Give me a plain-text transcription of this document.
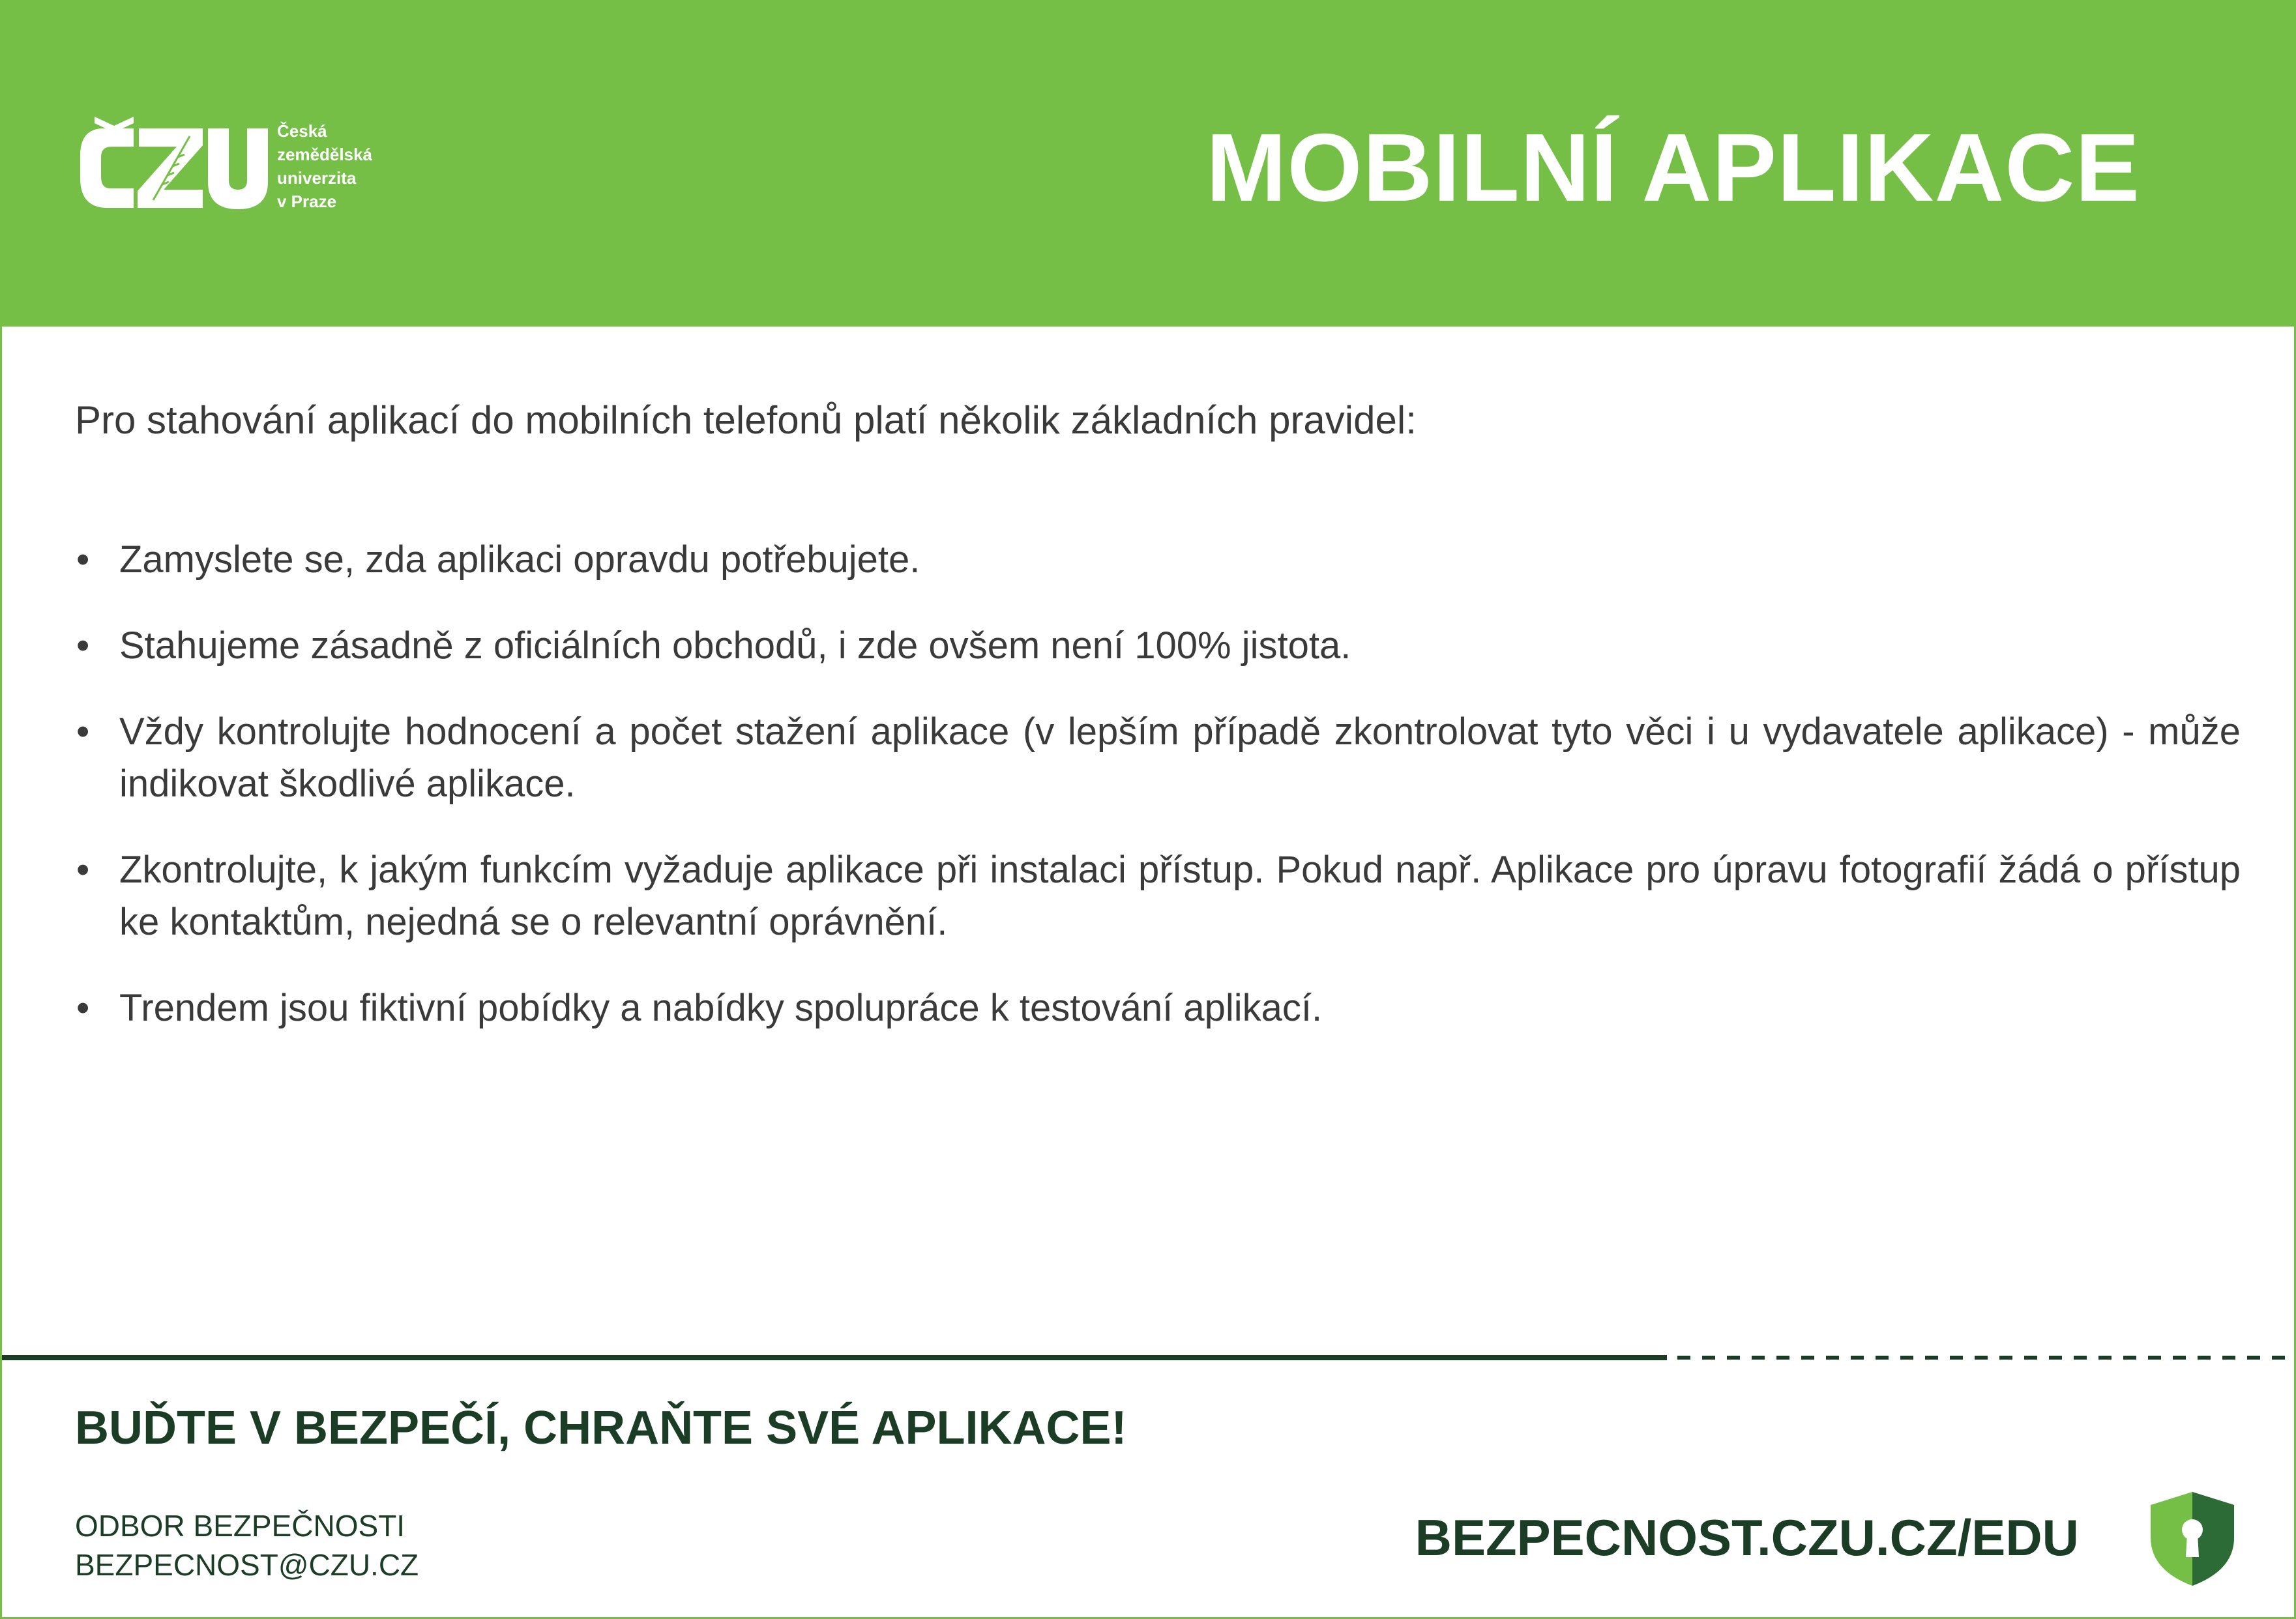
Česká
zemědělská
univerzita
v Praze	MOBILNÍ APLIKACE

Pro stahování aplikací do mobilních telefonů platí několik základních pravidel:

• Zamyslete se, zda aplikaci opravdu potřebujete.
• Stahujeme zásadně z oficiálních obchodů, i zde ovšem není 100% jistota.
• Vždy kontrolujte hodnocení a počet stažení aplikace (v lepším případě zkontrolovat tyto věci i u vydavatele aplikace) - může indikovat škodlivé aplikace.
• Zkontrolujte, k jakým funkcím vyžaduje aplikace při instalaci přístup. Pokud např. Aplikace pro úpravu fotografií žádá o přístup ke kontaktům, nejedná se o relevantní oprávnění.
• Trendem jsou fiktivní pobídky a nabídky spolupráce k testování aplikací.
BUĎTE V BEZPEČÍ, CHRAŇTE SVÉ APLIKACE!
ODBOR BEZPEČNOSTI
BEZPECNOST@CZU.CZ	BEZPECNOST.CZU.CZ/EDU
